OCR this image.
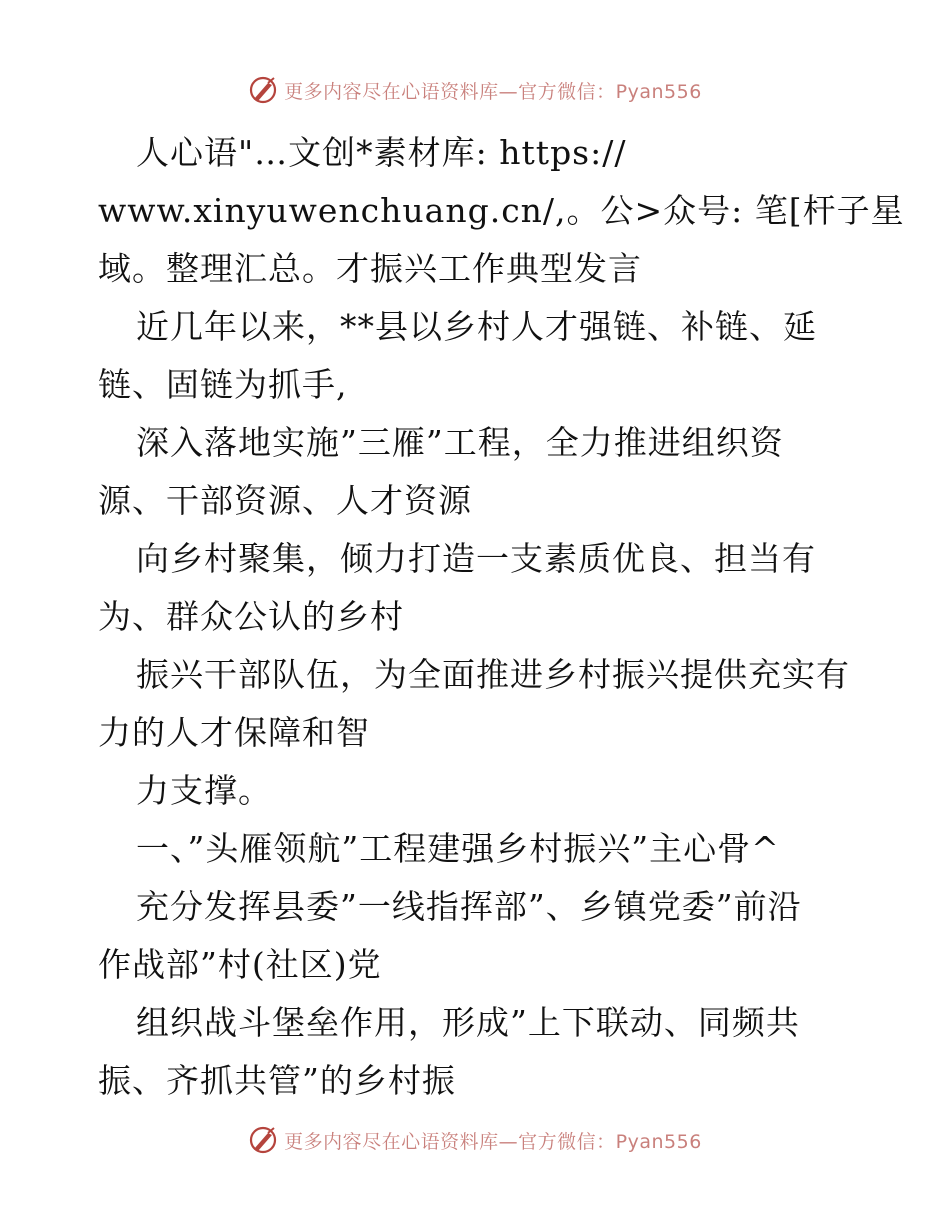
更多内容尽在心语资料库—官方微信：Pyan556
人心语"…文创*素材库: https://
www.xinyuwenchuang.cn/,。公>众号: 笔[杆子星
域。整理汇总。才振兴工作典型发言
近几年以来，**县以乡村人才强链、补链、延
链、固链为抓手,
深入落地实施”三雁”工程，全力推进组织资
源、干部资源、人才资源
向乡村聚集，倾力打造一支素质优良、担当有
为、群众公认的乡村
振兴干部队伍，为全面推进乡村振兴提供充实有
力的人才保障和智
力支撑。
一、”头雁领航”工程建强乡村振兴”主心骨^
充分发挥县委”一线指挥部”、乡镇党委”前沿
作战部”村(社区)党
组织战斗堡垒作用，形成”上下联动、同频共
振、齐抓共管”的乡村振
更多内容尽在心语资料库—官方微信：Pyan556
